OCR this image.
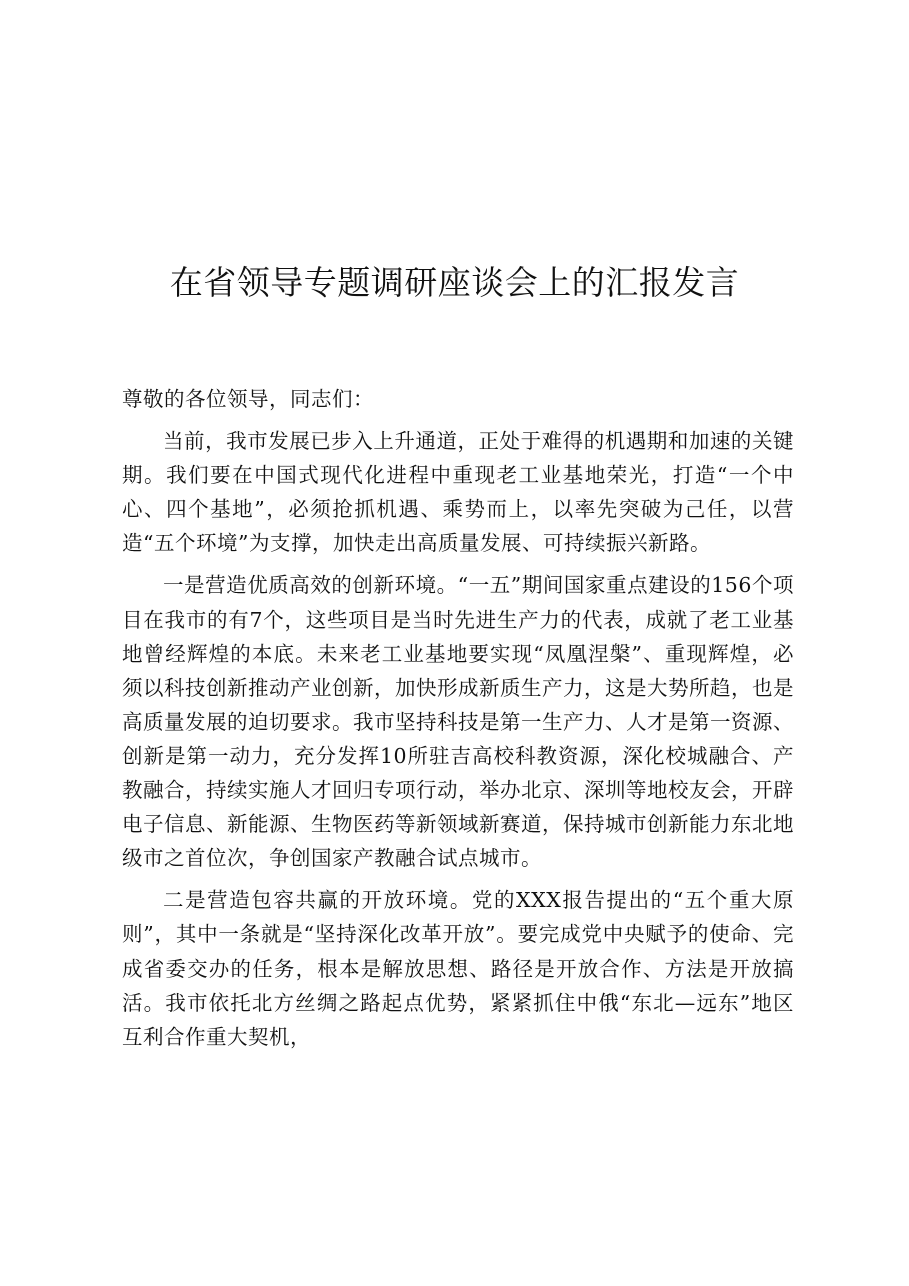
在省领导专题调研座谈会上的汇报发言

尊敬的各位领导，同志们：

当前，我市发展已步入上升通道，正处于难得的机遇期和加速的关键期。我们要在中国式现代化进程中重现老工业基地荣光，打造“一个中心、四个基地”，必须抢抓机遇、乘势而上，以率先突破为己任，以营造“五个环境”为支撑，加快走出高质量发展、可持续振兴新路。

一是营造优质高效的创新环境。“一五”期间国家重点建设的156个项目在我市的有7个，这些项目是当时先进生产力的代表，成就了老工业基地曾经辉煌的本底。未来老工业基地要实现“凤凰涅槃”、重现辉煌，必须以科技创新推动产业创新，加快形成新质生产力，这是大势所趋，也是高质量发展的迫切要求。我市坚持科技是第一生产力、人才是第一资源、创新是第一动力，充分发挥10所驻吉高校科教资源，深化校城融合、产教融合，持续实施人才回归专项行动，举办北京、深圳等地校友会，开辟电子信息、新能源、生物医药等新领域新赛道，保持城市创新能力东北地级市之首位次，争创国家产教融合试点城市。

二是营造包容共赢的开放环境。党的XXX报告提出的“五个重大原则”，其中一条就是“坚持深化改革开放”。要完成党中央赋予的使命、完成省委交办的任务，根本是解放思想、路径是开放合作、方法是开放搞活。我市依托北方丝绸之路起点优势，紧紧抓住中俄“东北—远东”地区互利合作重大契机，
